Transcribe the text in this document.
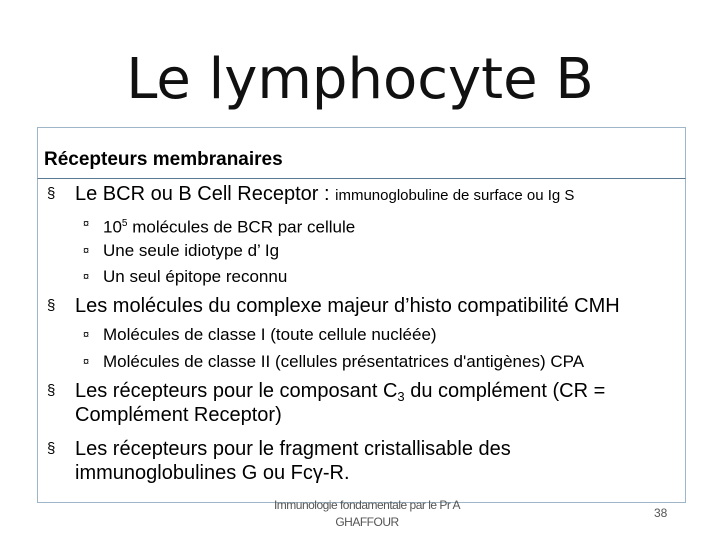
Le lymphocyte B
Récepteurs membranaires
§ Le BCR ou B Cell Receptor : immunoglobuline de surface ou Ig S
¤ $10^5$ molécules de BCR par cellule
¤ Une seule idiotype d’ Ig
¤ Un seul épitope reconnu
§ Les molécules du complexe majeur d’histo compatibilité CMH
¤ Molécules de classe I (toute cellule nucléée)
¤ Molécules de classe II (cellules présentatrices d'antigènes) CPA
§ Les récepteurs pour le composant $C_3$ du complément (CR =
Complément Receptor)
§ Les récepteurs pour le fragment cristallisable des
immunoglobulines G ou Fcγ-R.
Immunologie fondamentale par le Pr A
GHAFFOUR
38
